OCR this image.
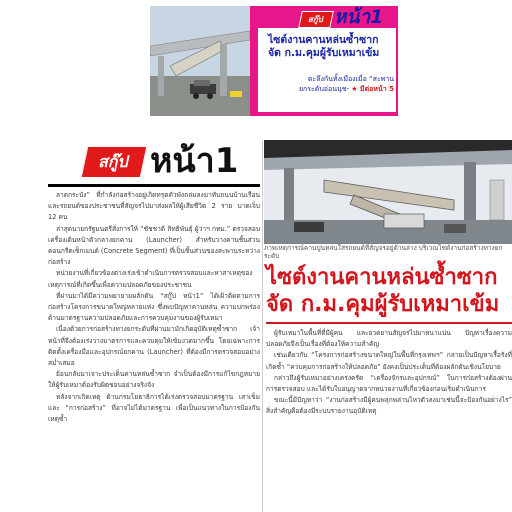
สกู๊ป หน้า1
ไซต์งานคานหล่นซ้ำซาก
จัด ก.ม.คุมผู้รับเหมาเข้ม
ตะลึงกันทั้งเมืองเมื่อ “สะพาน
ยกระดับอ่อนนุช- ★ มีต่อหน้า 5
สกู๊ป หน้า1
ภาพเหตุการณ์คานปูนหล่นใส่รถยนต์ที่สัญจรอยู่ด้านล่าง บริเวณไซต์งานก่อสร้างทางยกระดับ
ไซต์งานคานหล่นซ้ำซาก
จัด ก.ม.คุมผู้รับเหมาเข้ม

ลาดกระบัง” ที่กำลังก่อสร้างอยู่เกิดทรุดตัวพังถล่มลงมาทับถนนบ้านเรือน และรถยนต์ของประชาชนที่สัญจรไปมาส่งผลให้ผู้เสียชีวิต 2 ราย บาดเจ็บ 12 คน

ล่าสุดนายกรัฐมนตรีสั่งการให้ “ชัชชาติ สิทธิพันธุ์ ผู้ว่าฯ กทม.” ตรวจสอบเครื่องเดินหน้าตัวกลางยกคาน (Launcher) สำหรับวางคานชิ้นส่วนคอนกรีตเซ็กเมนต์ (Concrete Segment) ที่เป็นชิ้นส่วนของสะพานระหว่างก่อสร้าง

หน่วยงานที่เกี่ยวข้องต่างเร่งเข้าดำเนินการตรวจสอบและหาสาเหตุของเหตุการณ์ที่เกิดขึ้นเพื่อความปลอดภัยของประชาชน

ที่ผ่านมาได้มีความพยายามผลักดัน “สกู๊ป หน้า1” ได้เฝ้าติดตามการก่อสร้างโครงการขนาดใหญ่หลายแห่ง ซึ่งพบปัญหาคานหล่น ความบกพร่องด้านมาตรฐานความปลอดภัยและการควบคุมงานของผู้รับเหมา

เนื่องด้วยการก่อสร้างทางยกระดับที่ผ่านมามักเกิดอุบัติเหตุซ้ำซาก เจ้าหน้าที่จึงต้องเร่งวางมาตรการและควบคุมให้เข้มงวดมากขึ้น โดยเฉพาะการติดตั้งเครื่องมือและอุปกรณ์ยกคาน (Launcher) ที่ต้องมีการตรวจสอบอย่างสม่ำเสมอ

ย้อนกลับมาเจาะประเด็นคานหล่นซ้ำซาก จำเป็นต้องมีการแก้ไขกฎหมายให้ผู้รับเหมาต้องรับผิดชอบอย่างจริงจัง

หลังจากเกิดเหตุ ด้านกรมโยธาธิการได้เร่งตรวจสอบมาตรฐาน เสาเข็มและ “การก่อสร้าง” ที่อาจไม่ได้มาตรฐาน เพื่อเป็นแนวทางในการป้องกันเหตุซ้ำ

ผู้รับเหมาในพื้นที่ที่มีผู้คน และยวดยานสัญจรไปมาหนาแน่น ปัญหาเรื่องความปลอดภัยจึงเป็นเรื่องที่ต้องให้ความสำคัญ

เช่นเดียวกับ “โครงการก่อสร้างขนาดใหญ่ในพื้นที่กรุงเทพฯ” กลายเป็นปัญหาเรื้อรังที่เกิดซ้ำ “ควบคุมการก่อสร้างให้ปลอดภัย” ยังคงเป็นประเด็นที่ต้องผลักดันเชิงนโยบาย

กล่าวถึงผู้รับเหมาอย่างเคร่งครัด “เครื่องจักรและอุปกรณ์” ในการก่อสร้างต้องผ่านการตรวจสอบ และได้รับใบอนุญาตจากหน่วยงานที่เกี่ยวข้องก่อนเริ่มดำเนินการ

ขณะนี้มีปัญหาว่า “งานก่อสร้างมีผู้คนพลุกพล่านไหวตัวลงมาเช่นนี้จะป้องกันอย่างไร” สิ่งสำคัญคือต้องมีระบบรายงานอุบัติเหตุ
